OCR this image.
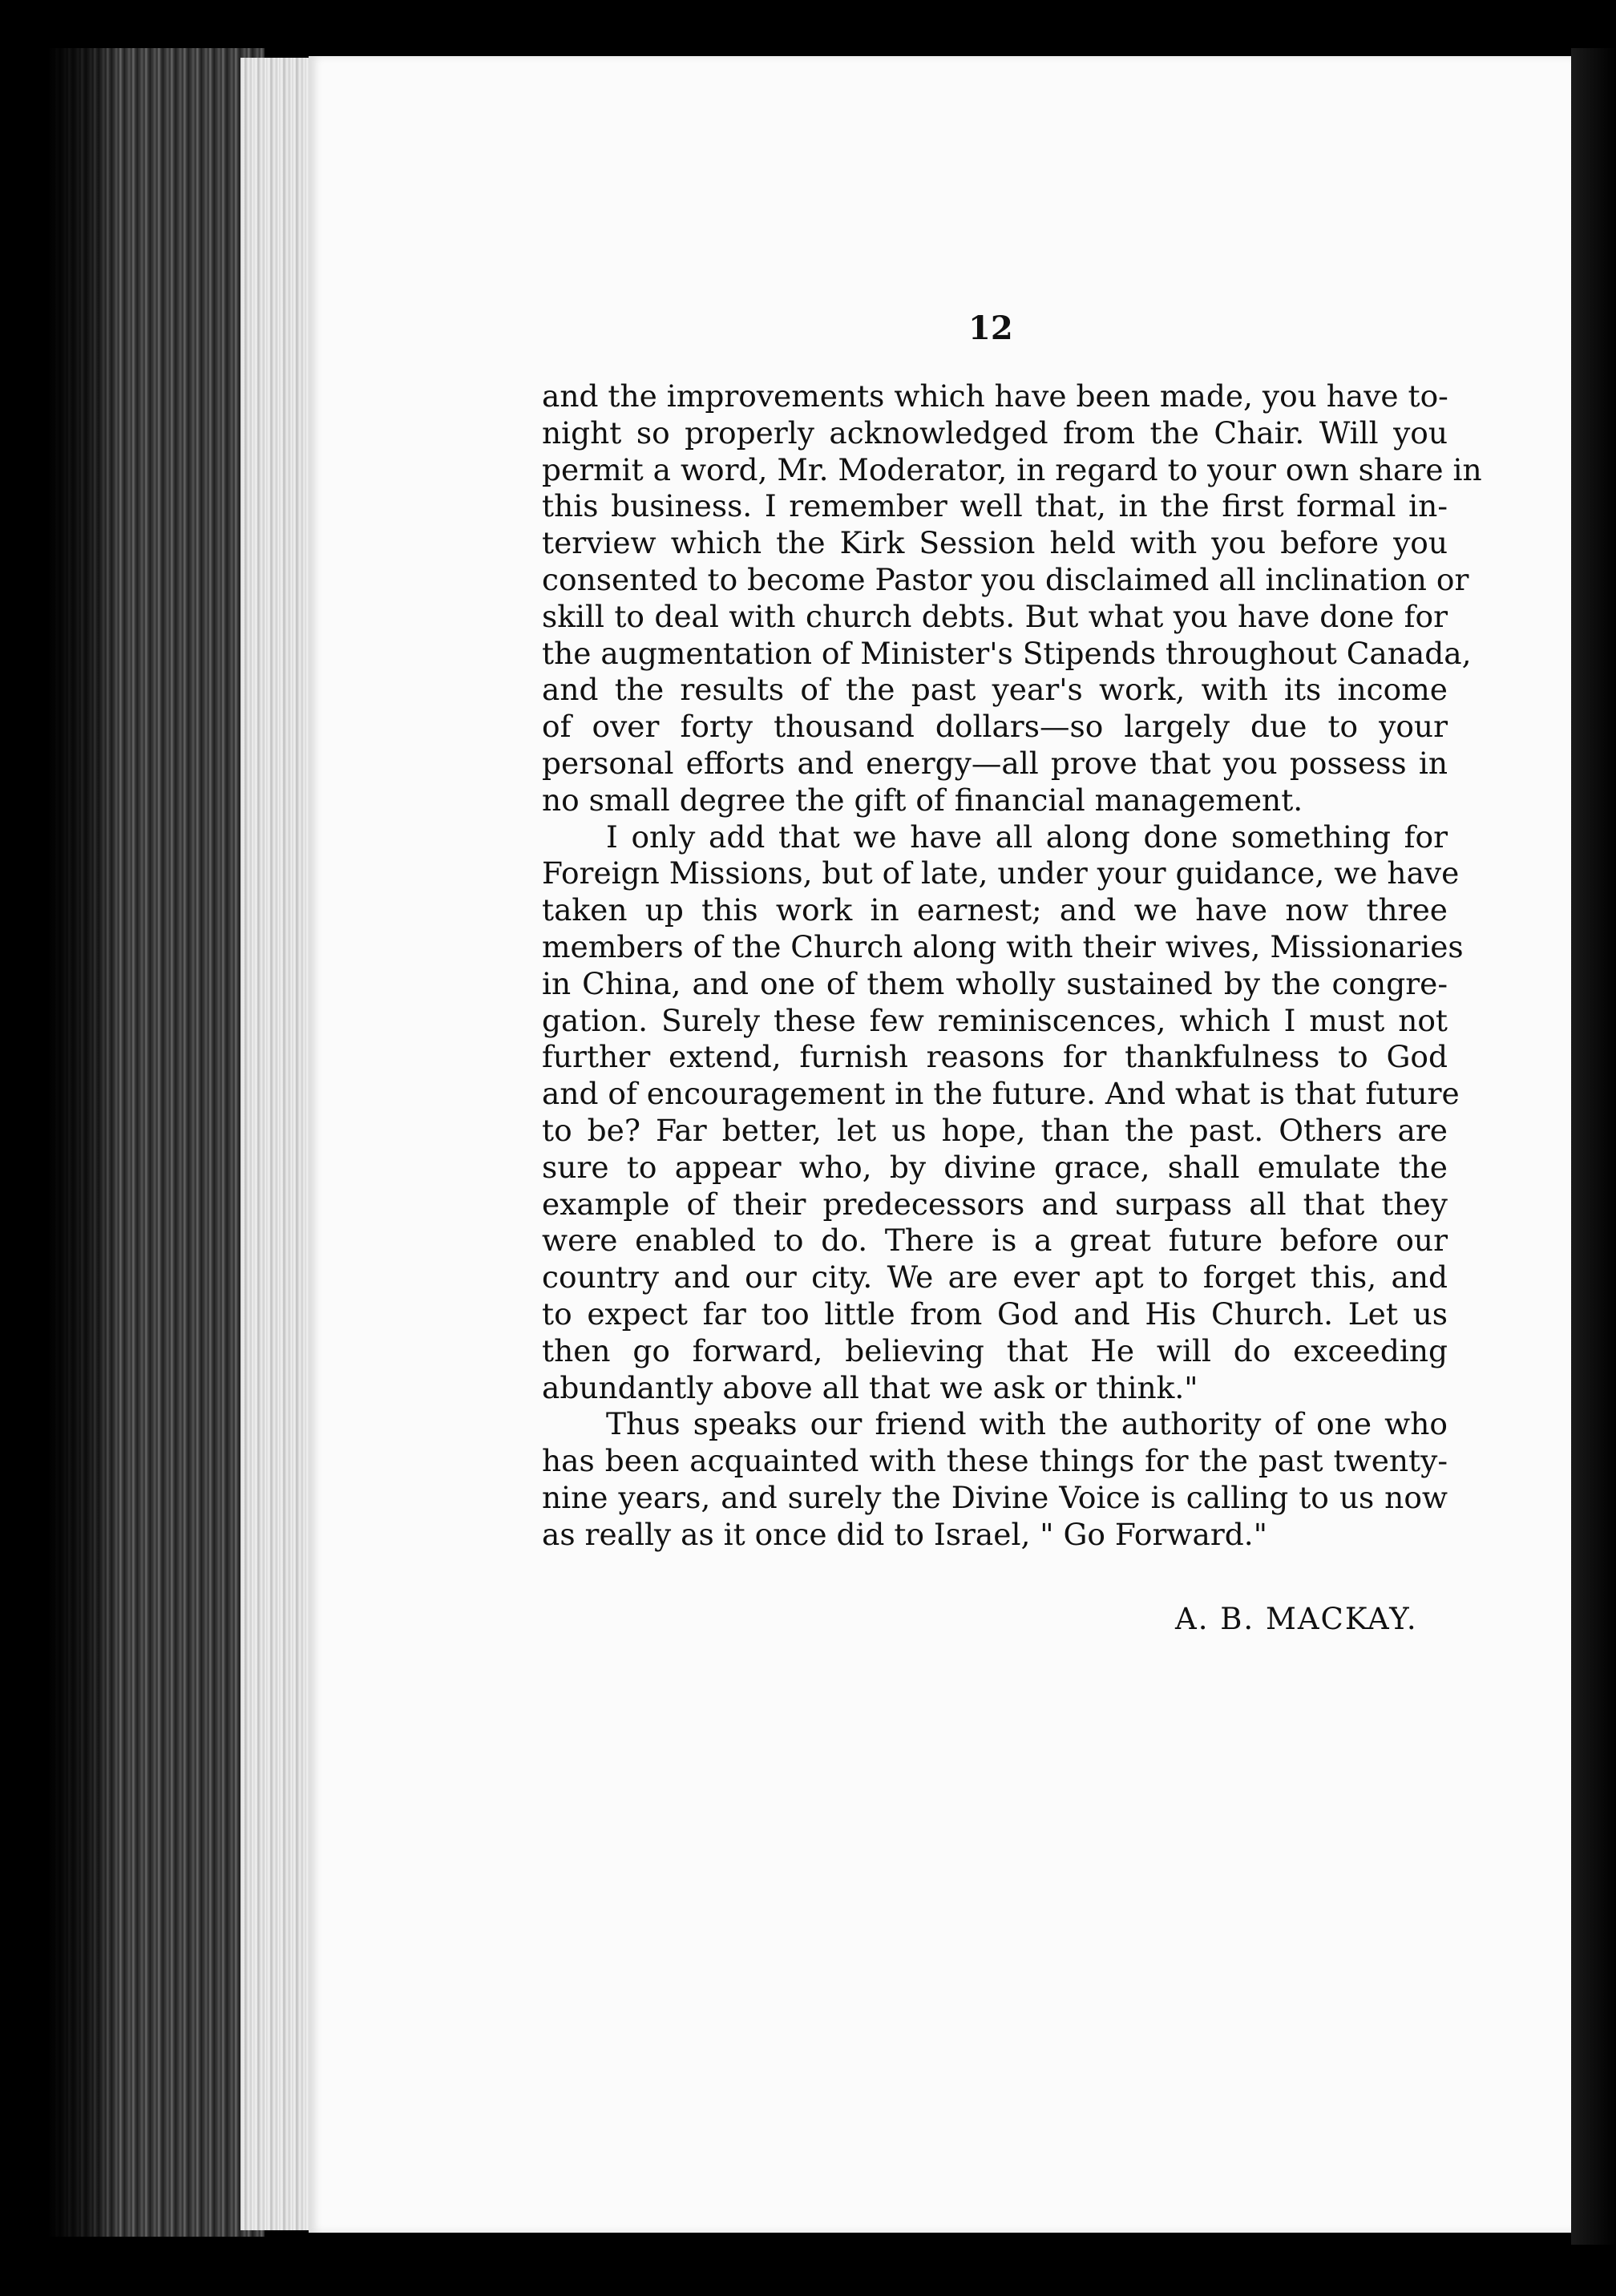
12
and the improvements which have been made, you have to-
night so properly acknowledged from the Chair. Will you
permit a word, Mr. Moderator, in regard to your own share in
this business. I remember well that, in the first formal in-
terview which the Kirk Session held with you before you
consented to become Pastor you disclaimed all inclination or
skill to deal with church debts. But what you have done for
the augmentation of Minister's Stipends throughout Canada,
and the results of the past year's work, with its income
of over forty thousand dollars—so largely due to your
personal efforts and energy—all prove that you possess in
no small degree the gift of financial management.
I only add that we have all along done something for
Foreign Missions, but of late, under your guidance, we have
taken up this work in earnest; and we have now three
members of the Church along with their wives, Missionaries
in China, and one of them wholly sustained by the congre-
gation. Surely these few reminiscences, which I must not
further extend, furnish reasons for thankfulness to God
and of encouragement in the future. And what is that future
to be? Far better, let us hope, than the past. Others are
sure to appear who, by divine grace, shall emulate the
example of their predecessors and surpass all that they
were enabled to do. There is a great future before our
country and our city. We are ever apt to forget this, and
to expect far too little from God and His Church. Let us
then go forward, believing that He will do exceeding
abundantly above all that we ask or think."
Thus speaks our friend with the authority of one who
has been acquainted with these things for the past twenty-
nine years, and surely the Divine Voice is calling to us now
as really as it once did to Israel, " Go Forward."
A. B. MACKAY.
